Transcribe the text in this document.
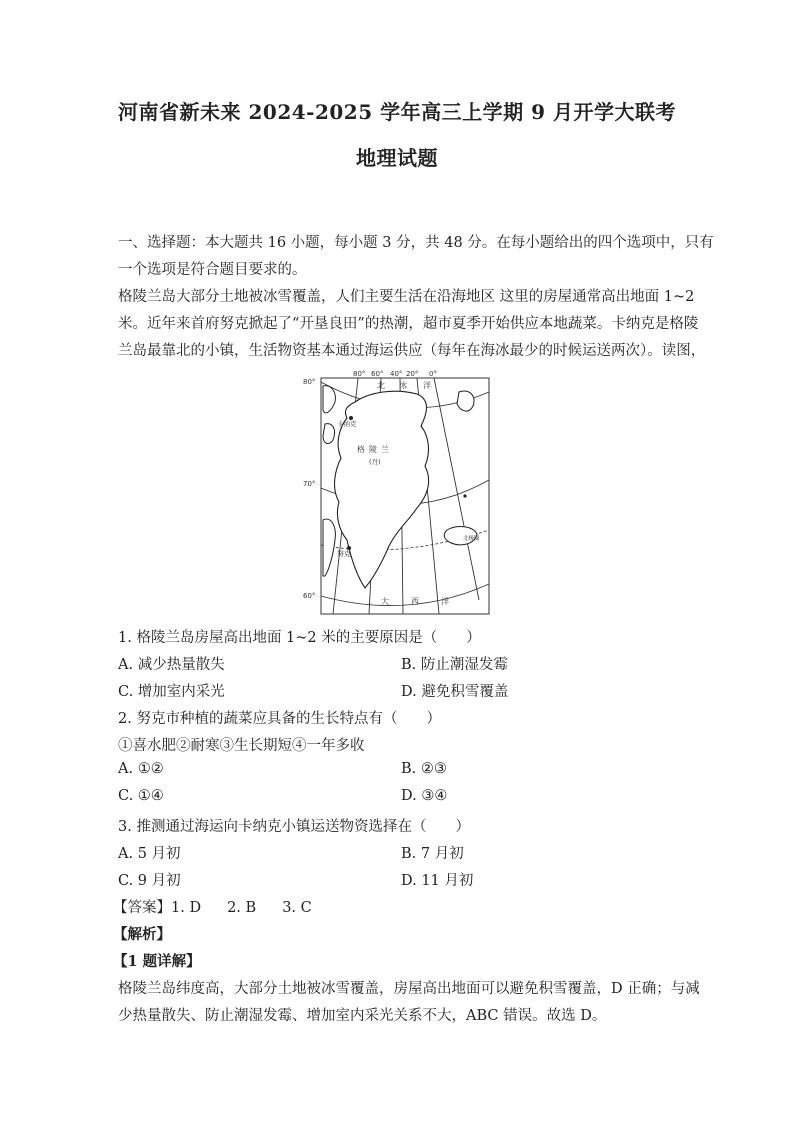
河南省新未来 2024-2025 学年高三上学期 9 月开学大联考
地理试题
一、选择题：本大题共 16 小题，每小题 3 分，共 48 分。在每小题给出的四个选项中，只有
一个选项是符合题目要求的。
格陵兰岛大部分土地被冰雪覆盖，人们主要生活在沿海地区 这里的房屋通常高出地面 1~2
米。近年来首府努克掀起了“开垦良田”的热潮，超市夏季开始供应本地蔬菜。卡纳克是格陵
兰岛最靠北的小镇，生活物资基本通过海运供应（每年在海冰最少的时候运送两次）。读图，
80° 60° 40° 20° 0°
80°
70°
60°
北 冰 洋
格 陵 兰
(丹)
卡纳克
努克
北极圈
大	西	洋
1. 格陵兰岛房屋高出地面 1~2 米的主要原因是（　　）
A. 减少热量散失	B. 防止潮湿发霉
C. 增加室内采光	D. 避免积雪覆盖
2. 努克市种植的蔬菜应具备的生长特点有（　　）
①喜水肥②耐寒③生长期短④一年多收
A. ①②	B. ②③
C. ①④	D. ③④
3. 推测通过海运向卡纳克小镇运送物资选择在（　　）
A. 5 月初	B. 7 月初
C. 9 月初	D. 11 月初
【答案】1. D 2. B 3. C
【解析】
【1 题详解】
格陵兰岛纬度高，大部分土地被冰雪覆盖，房屋高出地面可以避免积雪覆盖，D 正确；与减
少热量散失、防止潮湿发霉、增加室内采光关系不大，ABC 错误。故选 D。
